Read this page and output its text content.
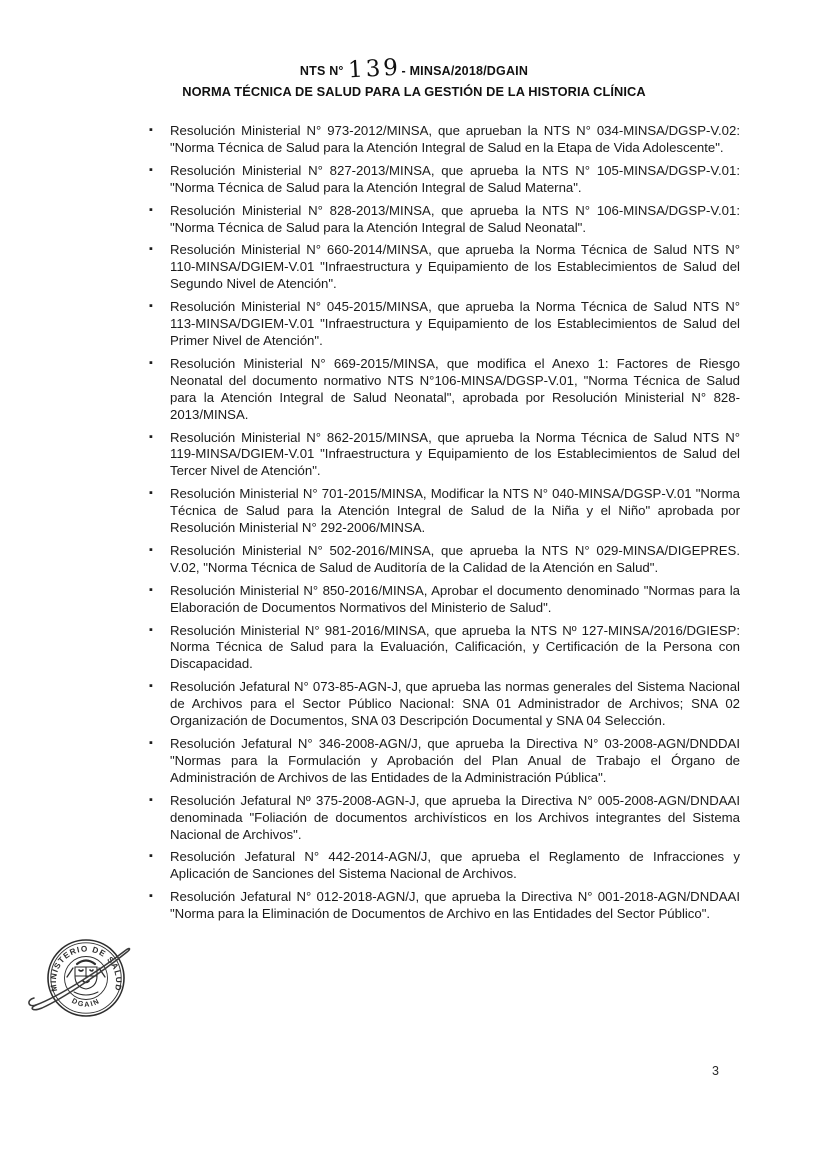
NTS N° 139- MINSA/2018/DGAIN
NORMA TÉCNICA DE SALUD PARA LA GESTIÓN DE LA HISTORIA CLÍNICA
▪ Resolución Ministerial N° 973-2012/MINSA, que aprueban la NTS N° 034-MINSA/DGSP-V.02: "Norma Técnica de Salud para la Atención Integral de Salud en la Etapa de Vida Adolescente".
▪ Resolución Ministerial N° 827-2013/MINSA, que aprueba la NTS N° 105-MINSA/DGSP-V.01: "Norma Técnica de Salud para la Atención Integral de Salud Materna".
▪ Resolución Ministerial N° 828-2013/MINSA, que aprueba la NTS N° 106-MINSA/DGSP-V.01: "Norma Técnica de Salud para la Atención Integral de Salud Neonatal".
▪ Resolución Ministerial N° 660-2014/MINSA, que aprueba la Norma Técnica de Salud NTS N° 110-MINSA/DGIEM-V.01 "Infraestructura y Equipamiento de los Establecimientos de Salud del Segundo Nivel de Atención".
▪ Resolución Ministerial N° 045-2015/MINSA, que aprueba la Norma Técnica de Salud NTS N° 113-MINSA/DGIEM-V.01 "Infraestructura y Equipamiento de los Establecimientos de Salud del Primer Nivel de Atención".
▪ Resolución Ministerial N° 669-2015/MINSA, que modifica el Anexo 1: Factores de Riesgo Neonatal del documento normativo NTS N°106-MINSA/DGSP-V.01, "Norma Técnica de Salud para la Atención Integral de Salud Neonatal", aprobada por Resolución Ministerial N° 828-2013/MINSA.
▪ Resolución Ministerial N° 862-2015/MINSA, que aprueba la Norma Técnica de Salud NTS N° 119-MINSA/DGIEM-V.01 "Infraestructura y Equipamiento de los Establecimientos de Salud del Tercer Nivel de Atención".
▪ Resolución Ministerial N° 701-2015/MINSA, Modificar la NTS N° 040-MINSA/DGSP-V.01 "Norma Técnica de Salud para la Atención Integral de Salud de la Niña y el Niño" aprobada por Resolución Ministerial N° 292-2006/MINSA.
▪ Resolución Ministerial N° 502-2016/MINSA, que aprueba la NTS N° 029-MINSA/DIGEPRES. V.02, "Norma Técnica de Salud de Auditoría de la Calidad de la Atención en Salud".
▪ Resolución Ministerial N° 850-2016/MINSA, Aprobar el documento denominado "Normas para la Elaboración de Documentos Normativos del Ministerio de Salud".
▪ Resolución Ministerial N° 981-2016/MINSA, que aprueba la NTS Nº 127-MINSA/2016/DGIESP: Norma Técnica de Salud para la Evaluación, Calificación, y Certificación de la Persona con Discapacidad.
▪ Resolución Jefatural N° 073-85-AGN-J, que aprueba las normas generales del Sistema Nacional de Archivos para el Sector Público Nacional: SNA 01 Administrador de Archivos; SNA 02 Organización de Documentos, SNA 03 Descripción Documental y SNA 04 Selección.
▪ Resolución Jefatural N° 346-2008-AGN/J, que aprueba la Directiva N° 03-2008-AGN/DNDDAI "Normas para la Formulación y Aprobación del Plan Anual de Trabajo el Órgano de Administración de Archivos de las Entidades de la Administración Pública".
▪ Resolución Jefatural Nº 375-2008-AGN-J, que aprueba la Directiva N° 005-2008-AGN/DNDAAI denominada "Foliación de documentos archivísticos en los Archivos integrantes del Sistema Nacional de Archivos".
▪ Resolución Jefatural N° 442-2014-AGN/J, que aprueba el Reglamento de Infracciones y Aplicación de Sanciones del Sistema Nacional de Archivos.
▪ Resolución Jefatural N° 012-2018-AGN/J, que aprueba la Directiva N° 001-2018-AGN/DNDAAI "Norma para la Eliminación de Documentos de Archivo en las Entidades del Sector Público".
MINISTERIO DE SALUD
DGAIN
3
